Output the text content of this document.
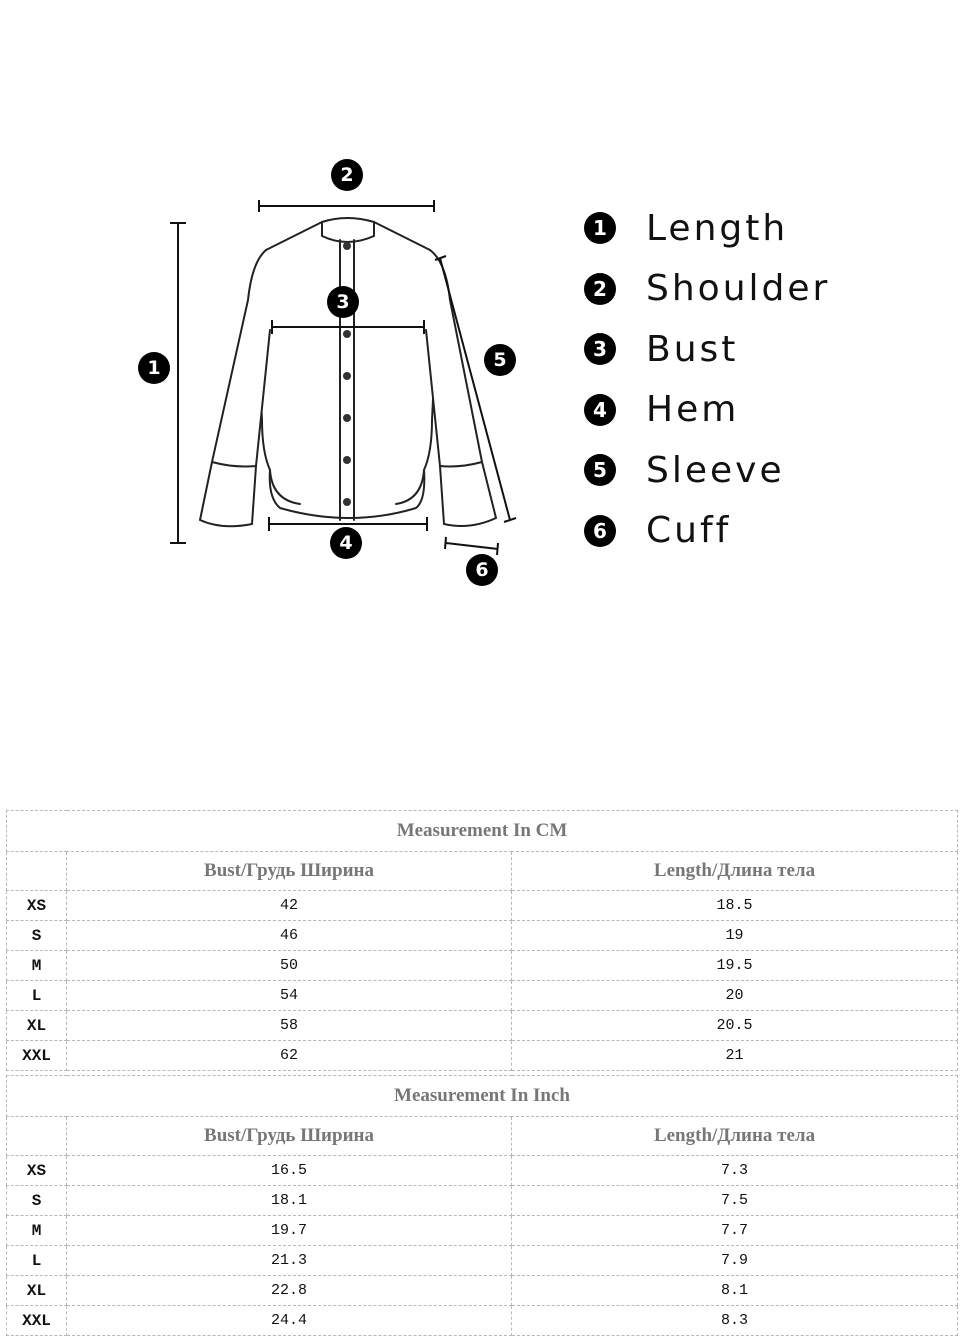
1
2
3
4
5
6
1 Length
2 Shoulder
3 Bust
4 Hem
5 Sleeve
6 Cuff
Measurement In CM		
	Bust/Грудь Ширина	Length/Длина тела
XS	42	18.5
S	46	19
M	50	19.5
L	54	20
XL	58	20.5
XXL	62	21
Measurement In Inch		
	Bust/Грудь Ширина	Length/Длина тела
XS	16.5	7.3
S	18.1	7.5
M	19.7	7.7
L	21.3	7.9
XL	22.8	8.1
XXL	24.4	8.3
